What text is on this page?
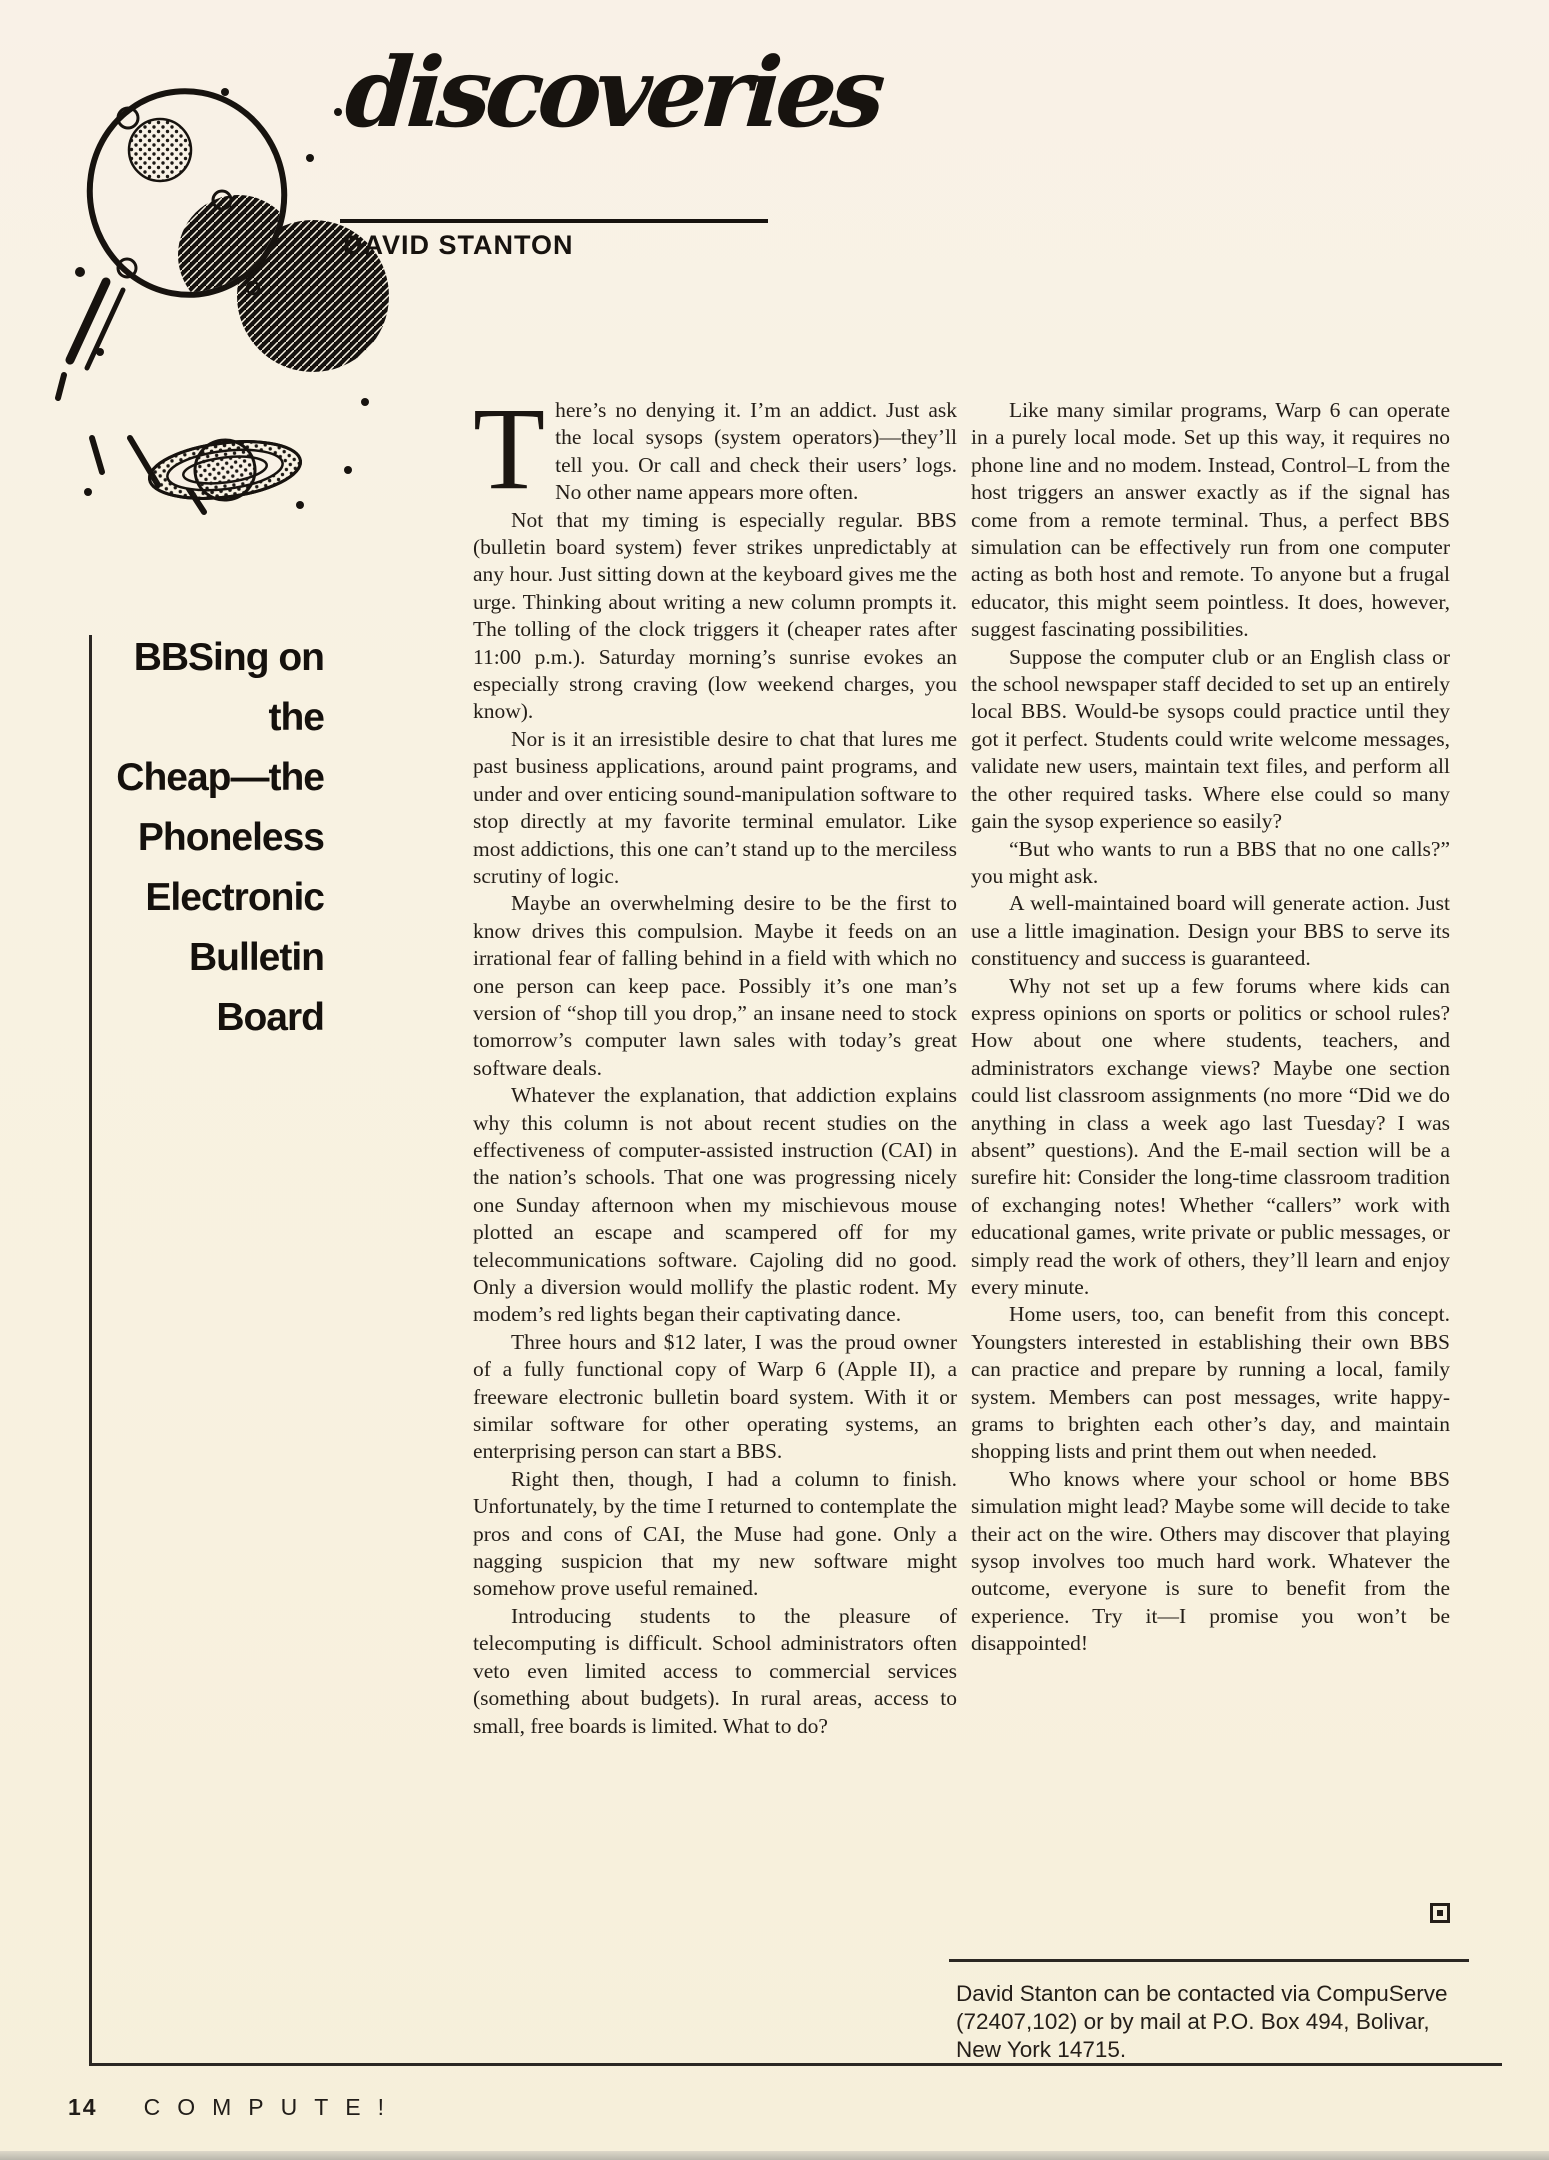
discoveries
DAVID STANTON
BBSing on the
Cheap—the
Phoneless
Electronic
Bulletin Board

There’s no denying it. I’m an addict. Just ask the local sysops (system operators)—they’ll tell you. Or call and check their users’ logs. No other name appears more often.

Not that my timing is especially regular. BBS (bulletin board system) fever strikes unpredictably at any hour. Just sitting down at the keyboard gives me the urge. Thinking about writing a new column prompts it. The tolling of the clock triggers it (cheaper rates after 11:00 p.m.). Saturday morning’s sunrise evokes an especially strong craving (low weekend charges, you know).

Nor is it an irresistible desire to chat that lures me past business applications, around paint programs, and under and over enticing sound-manipulation software to stop directly at my favorite terminal emulator. Like most addictions, this one can’t stand up to the merciless scrutiny of logic.

Maybe an overwhelming desire to be the first to know drives this compulsion. Maybe it feeds on an irrational fear of falling behind in a field with which no one person can keep pace. Possibly it’s one man’s version of “shop till you drop,” an insane need to stock tomorrow’s computer lawn sales with today’s great software deals.

Whatever the explanation, that addiction explains why this column is not about recent studies on the effectiveness of computer-assisted instruction (CAI) in the nation’s schools. That one was progressing nicely one Sunday afternoon when my mischievous mouse plotted an escape and scampered off for my telecommunications software. Cajoling did no good. Only a diversion would mollify the plastic rodent. My modem’s red lights began their captivating dance.

Three hours and $12 later, I was the proud owner of a fully functional copy of Warp 6 (Apple II), a freeware electronic bulletin board system. With it or similar software for other operating systems, an enterprising person can start a BBS.

Right then, though, I had a column to finish. Unfortunately, by the time I returned to contemplate the pros and cons of CAI, the Muse had gone. Only a nagging suspicion that my new software might somehow prove useful remained.

Introducing students to the pleasure of telecomputing is difficult. School administrators often veto even limited access to commercial services (something about budgets). In rural areas, access to small, free boards is limited. What to do?

Like many similar programs, Warp 6 can operate in a purely local mode. Set up this way, it requires no phone line and no modem. Instead, Control–L from the host triggers an answer exactly as if the signal has come from a remote terminal. Thus, a perfect BBS simulation can be effectively run from one computer acting as both host and remote. To anyone but a frugal educator, this might seem pointless. It does, however, suggest fascinating possibilities.

Suppose the computer club or an English class or the school newspaper staff decided to set up an entirely local BBS. Would-be sysops could practice until they got it perfect. Students could write welcome messages, validate new users, maintain text files, and perform all the other required tasks. Where else could so many gain the sysop experience so easily?

“But who wants to run a BBS that no one calls?” you might ask.

A well-maintained board will generate action. Just use a little imagination. Design your BBS to serve its constituency and success is guaranteed.

Why not set up a few forums where kids can express opinions on sports or politics or school rules? How about one where students, teachers, and administrators exchange views? Maybe one section could list classroom assignments (no more “Did we do anything in class a week ago last Tuesday? I was absent” questions). And the E-mail section will be a surefire hit: Consider the long-time classroom tradition of exchanging notes! Whether “callers” work with educational games, write private or public messages, or simply read the work of others, they’ll learn and enjoy every minute.

Home users, too, can benefit from this concept. Youngsters interested in establishing their own BBS can practice and prepare by running a local, family system. Members can post messages, write happy-grams to brighten each other’s day, and maintain shopping lists and print them out when needed.

Who knows where your school or home BBS simulation might lead? Maybe some will decide to take their act on the wire. Others may discover that playing sysop involves too much hard work. Whatever the outcome, everyone is sure to benefit from the experience. Try it—I promise you won’t be disappointed!

David Stanton can be contacted via CompuServe (72407,102) or by mail at P.O. Box 494, Bolivar, New York 14715.
14 COMPUTE!
